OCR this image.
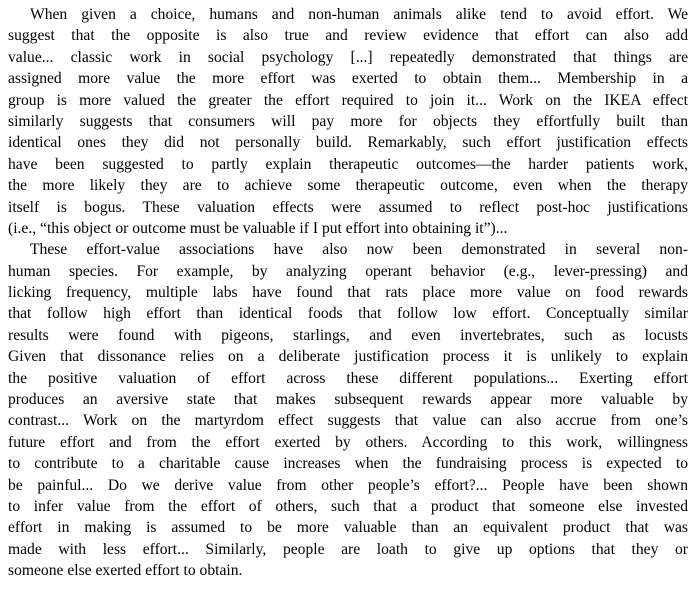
When given a choice, humans and non-human animals alike tend to avoid effort. We
suggest that the opposite is also true and review evidence that effort can also add
value... classic work in social psychology [...] repeatedly demonstrated that things are
assigned more value the more effort was exerted to obtain them... Membership in a
group is more valued the greater the effort required to join it... Work on the IKEA effect
similarly suggests that consumers will pay more for objects they effortfully built than
identical ones they did not personally build. Remarkably, such effort justification effects
have been suggested to partly explain therapeutic outcomes—the harder patients work,
the more likely they are to achieve some therapeutic outcome, even when the therapy
itself is bogus. These valuation effects were assumed to reflect post-hoc justifications
(i.e., “this object or outcome must be valuable if I put effort into obtaining it”)...
These effort-value associations have also now been demonstrated in several non-
human species. For example, by analyzing operant behavior (e.g., lever-pressing) and
licking frequency, multiple labs have found that rats place more value on food rewards
that follow high effort than identical foods that follow low effort. Conceptually similar
results were found with pigeons, starlings, and even invertebrates, such as locusts
Given that dissonance relies on a deliberate justification process it is unlikely to explain
the positive valuation of effort across these different populations... Exerting effort
produces an aversive state that makes subsequent rewards appear more valuable by
contrast... Work on the martyrdom effect suggests that value can also accrue from one’s
future effort and from the effort exerted by others. According to this work, willingness
to contribute to a charitable cause increases when the fundraising process is expected to
be painful... Do we derive value from other people’s effort?... People have been shown
to infer value from the effort of others, such that a product that someone else invested
effort in making is assumed to be more valuable than an equivalent product that was
made with less effort... Similarly, people are loath to give up options that they or
someone else exerted effort to obtain.
